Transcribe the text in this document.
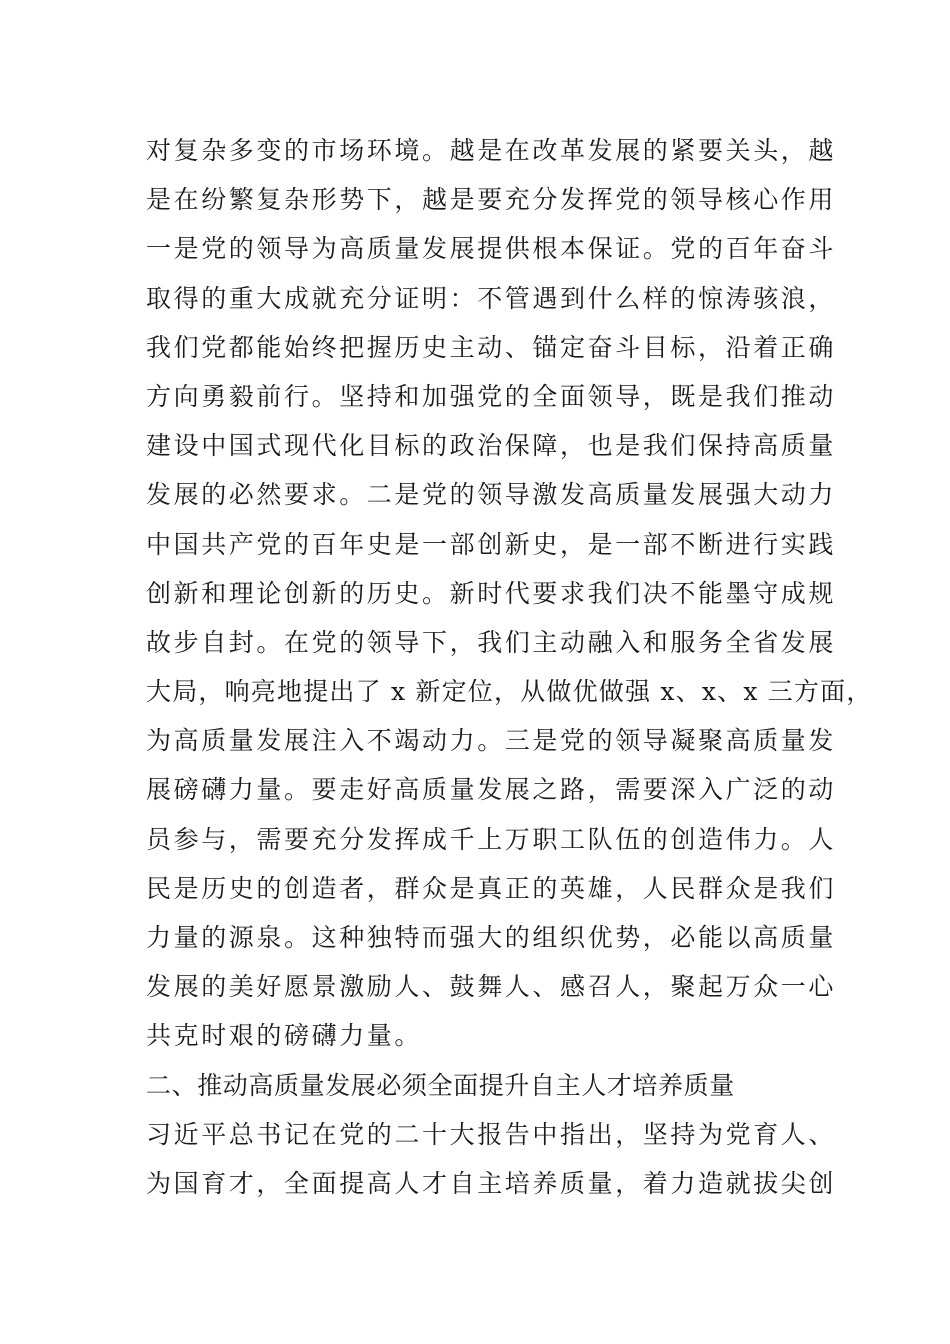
对复杂多变的市场环境。越是在改革发展的紧要关头，越
是在纷繁复杂形势下，越是要充分发挥党的领导核心作用
一是党的领导为高质量发展提供根本保证。党的百年奋斗
取得的重大成就充分证明：不管遇到什么样的惊涛骇浪，
我们党都能始终把握历史主动、锚定奋斗目标，沿着正确
方向勇毅前行。坚持和加强党的全面领导，既是我们推动
建设中国式现代化目标的政治保障，也是我们保持高质量
发展的必然要求。二是党的领导激发高质量发展强大动力
中国共产党的百年史是一部创新史，是一部不断进行实践
创新和理论创新的历史。新时代要求我们决不能墨守成规
故步自封。在党的领导下，我们主动融入和服务全省发展
大局，响亮地提出了 x 新定位，从做优做强 x、x、x 三方面，
为高质量发展注入不竭动力。三是党的领导凝聚高质量发
展磅礴力量。要走好高质量发展之路，需要深入广泛的动
员参与，需要充分发挥成千上万职工队伍的创造伟力。人
民是历史的创造者，群众是真正的英雄，人民群众是我们
力量的源泉。这种独特而强大的组织优势，必能以高质量
发展的美好愿景激励人、鼓舞人、感召人，聚起万众一心
共克时艰的磅礴力量。
二、推动高质量发展必须全面提升自主人才培养质量
习近平总书记在党的二十大报告中指出，坚持为党育人、
为国育才，全面提高人才自主培养质量，着力造就拔尖创
